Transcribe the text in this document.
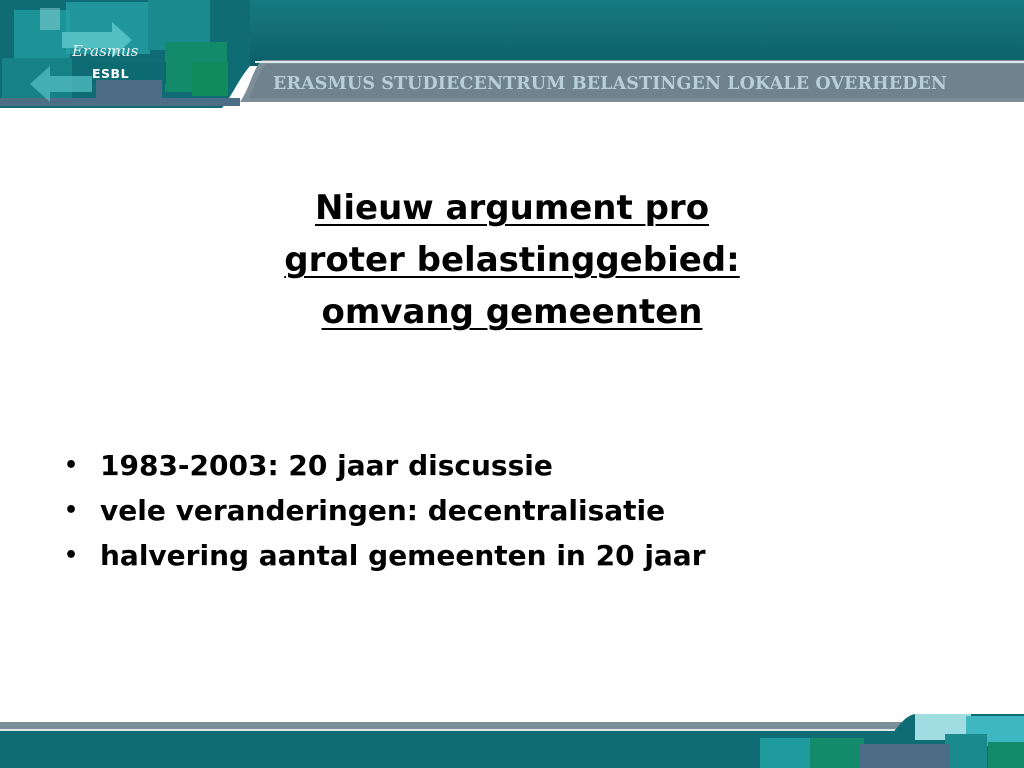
Erasmus
ESBL
ERASMUS STUDIECENTRUM BELASTINGEN LOKALE OVERHEDEN
Nieuw argument pro
groter belastinggebied:
omvang gemeenten
• 1983-2003: 20 jaar discussie
• vele veranderingen: decentralisatie
• halvering aantal gemeenten in 20 jaar
